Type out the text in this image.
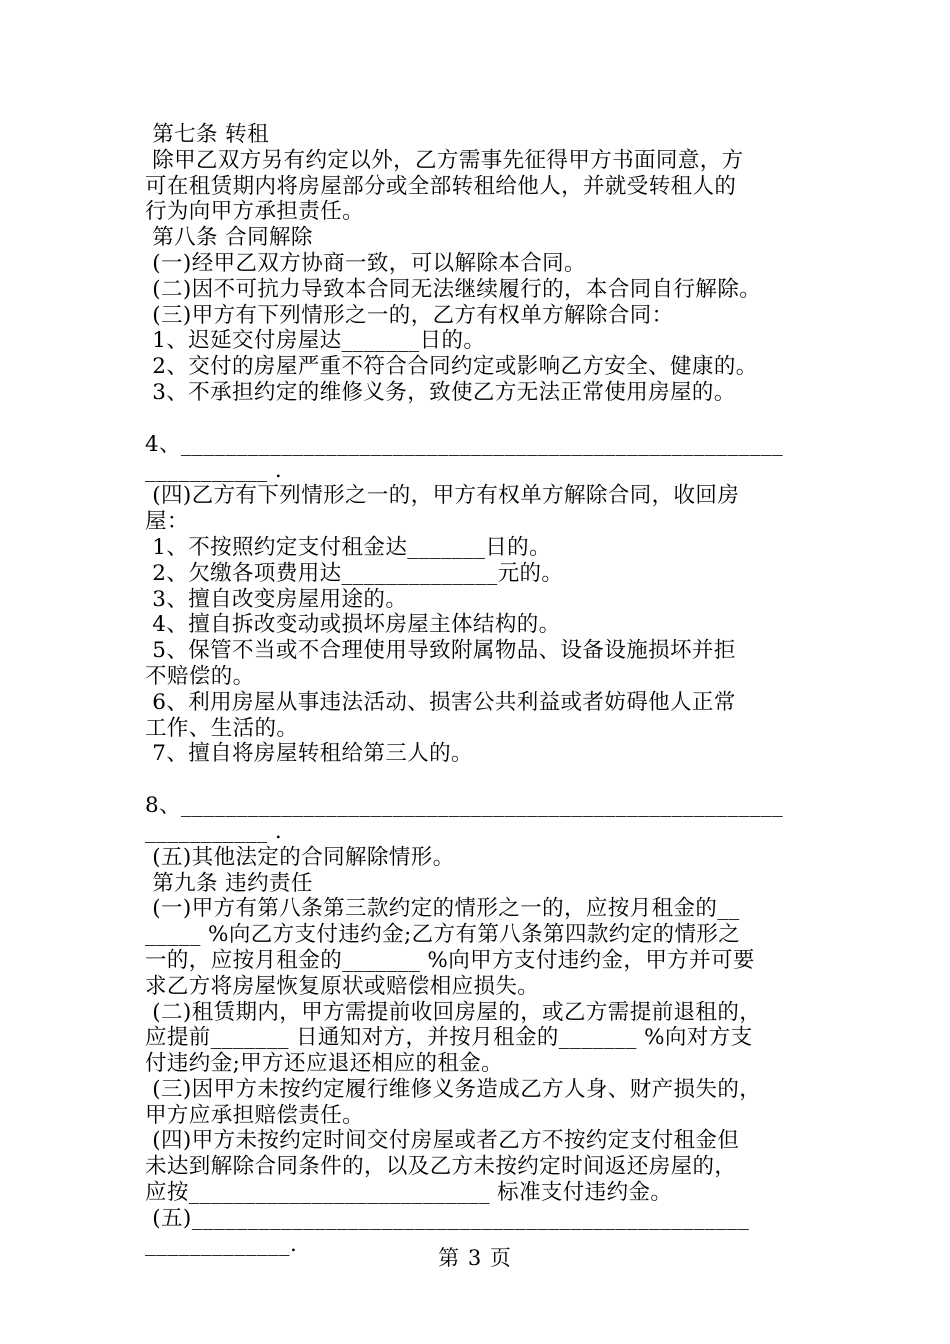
第七条 转租
除甲乙双方另有约定以外，乙方需事先征得甲方书面同意，方
可在租赁期内将房屋部分或全部转租给他人，并就受转租人的
行为向甲方承担责任。
第八条 合同解除
(一)经甲乙双方协商一致，可以解除本合同。
(二)因不可抗力导致本合同无法继续履行的，本合同自行解除。
(三)甲方有下列情形之一的，乙方有权单方解除合同：
1、迟延交付房屋达_______日的。
2、交付的房屋严重不符合合同约定或影响乙方安全、健康的。
3、不承担约定的维修义务，致使乙方无法正常使用房屋的。
4、______________________________________________________
___________ .
(四)乙方有下列情形之一的，甲方有权单方解除合同，收回房
屋：
1、不按照约定支付租金达_______日的。
2、欠缴各项费用达______________元的。
3、擅自改变房屋用途的。
4、擅自拆改变动或损坏房屋主体结构的。
5、保管不当或不合理使用导致附属物品、设备设施损坏并拒
不赔偿的。
6、利用房屋从事违法活动、损害公共利益或者妨碍他人正常
工作、生活的。
7、擅自将房屋转租给第三人的。
8、______________________________________________________
___________ .
(五)其他法定的合同解除情形。
第九条 违约责任
(一)甲方有第八条第三款约定的情形之一的，应按月租金的__
_____ %向乙方支付违约金;乙方有第八条第四款约定的情形之
一的，应按月租金的_______ %向甲方支付违约金，甲方并可要
求乙方将房屋恢复原状或赔偿相应损失。
(二)租赁期内，甲方需提前收回房屋的，或乙方需提前退租的，
应提前_______ 日通知对方，并按月租金的_______ %向对方支
付违约金;甲方还应退还相应的租金。
(三)因甲方未按约定履行维修义务造成乙方人身、财产损失的，
甲方应承担赔偿责任。
(四)甲方未按约定时间交付房屋或者乙方不按约定支付租金但
未达到解除合同条件的，以及乙方未按约定时间返还房屋的，
应按___________________________ 标准支付违约金。
(五)__________________________________________________
_____________.
第 3 页
